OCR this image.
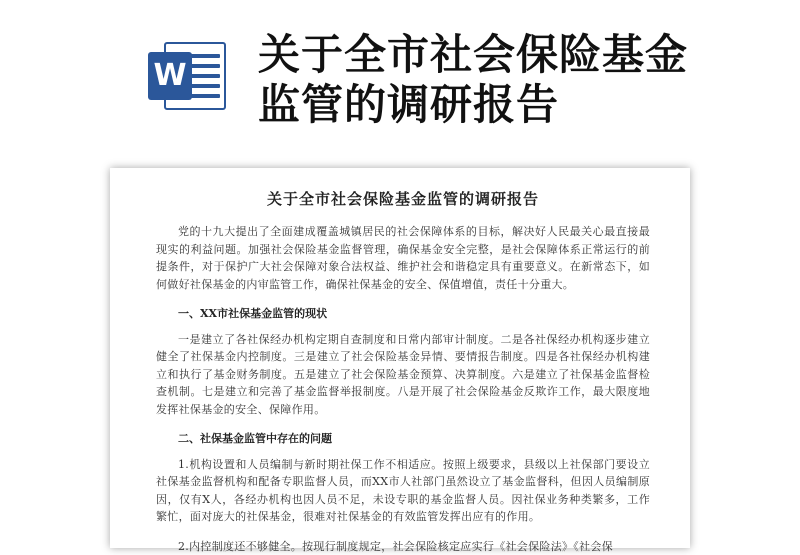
W 关于全市社会保险基金监管的调研报告
关于全市社会保险基金监管的调研报告

党的十九大提出了全面建成覆盖城镇居民的社会保障体系的目标，解决好人民最关心最直接最现实的利益问题。加强社会保险基金监督管理，确保基金安全完整，是社会保障体系正常运行的前提条件，对于保护广大社会保障对象合法权益、维护社会和谐稳定具有重要意义。在新常态下，如何做好社保基金的内审监管工作，确保社保基金的安全、保值增值，责任十分重大。

一、XX市社保基金监管的现状

一是建立了各社保经办机构定期自查制度和日常内部审计制度。二是各社保经办机构逐步建立健全了社保基金内控制度。三是建立了社会保险基金异情、要情报告制度。四是各社保经办机构建立和执行了基金财务制度。五是建立了社会保险基金预算、决算制度。六是建立了社保基金监督检查机制。七是建立和完善了基金监督举报制度。八是开展了社会保险基金反欺诈工作，最大限度地发挥社保基金的安全、保障作用。

二、社保基金监管中存在的问题

1.机构设置和人员编制与新时期社保工作不相适应。按照上级要求，县级以上社保部门要设立社保基金监督机构和配备专职监督人员，而XX市人社部门虽然设立了基金监督科，但因人员编制原因，仅有X人，各经办机构也因人员不足，未设专职的基金监督人员。因社保业务种类繁多，工作繁忙，面对庞大的社保基金，很难对社保基金的有效监管发挥出应有的作用。

2.内控制度还不够健全。按现行制度规定，社会保险核定应实行《社会保险法》《社会保
